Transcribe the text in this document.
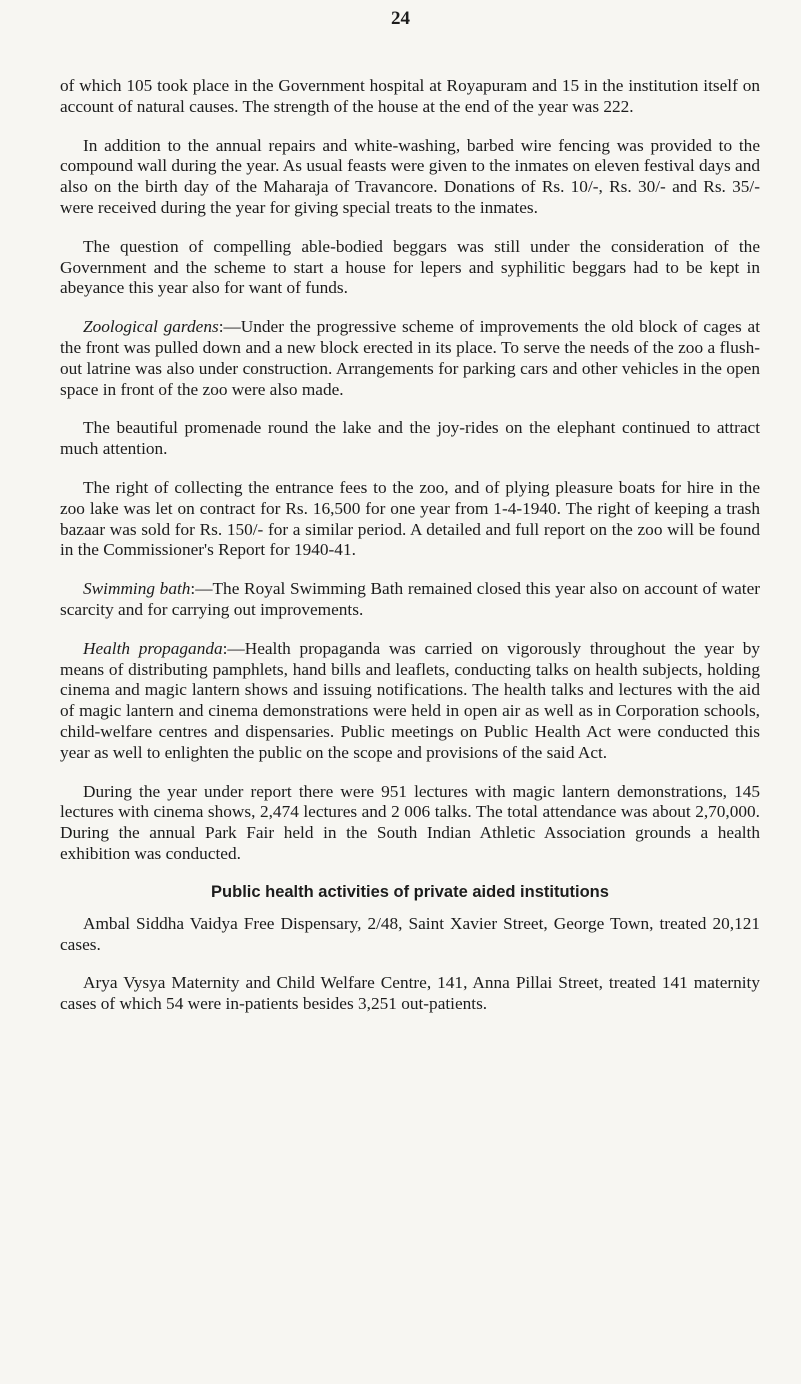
24

of which 105 took place in the Government hospital at Royapuram and 15 in the institution itself on account of natural causes. The strength of the house at the end of the year was 222.

In addition to the annual repairs and white-washing, barbed wire fencing was provided to the compound wall during the year. As usual feasts were given to the inmates on eleven festival days and also on the birth day of the Maharaja of Travancore. Donations of Rs. 10/-, Rs. 30/- and Rs. 35/- were received during the year for giving special treats to the inmates.

The question of compelling able-bodied beggars was still under the consideration of the Government and the scheme to start a house for lepers and syphilitic beggars had to be kept in abeyance this year also for want of funds.

Zoological gardens:—Under the progressive scheme of improvements the old block of cages at the front was pulled down and a new block erected in its place. To serve the needs of the zoo a flush-out latrine was also under construction. Arrangements for parking cars and other vehicles in the open space in front of the zoo were also made.

The beautiful promenade round the lake and the joy-rides on the elephant continued to attract much attention.

The right of collecting the entrance fees to the zoo, and of plying pleasure boats for hire in the zoo lake was let on contract for Rs. 16,500 for one year from 1-4-1940. The right of keeping a trash bazaar was sold for Rs. 150/- for a similar period. A detailed and full report on the zoo will be found in the Commissioner's Report for 1940-41.

Swimming bath:—The Royal Swimming Bath remained closed this year also on account of water scarcity and for carrying out improvements.

Health propaganda:—Health propaganda was carried on vigorously throughout the year by means of distributing pamphlets, hand bills and leaflets, conducting talks on health subjects, holding cinema and magic lantern shows and issuing notifications. The health talks and lectures with the aid of magic lantern and cinema demonstrations were held in open air as well as in Corporation schools, child-welfare centres and dispensaries. Public meetings on Public Health Act were conducted this year as well to enlighten the public on the scope and provisions of the said Act.

During the year under report there were 951 lectures with magic lantern demonstrations, 145 lectures with cinema shows, 2,474 lectures and 2 006 talks. The total attendance was about 2,70,000. During the annual Park Fair held in the South Indian Athletic Association grounds a health exhibition was conducted.

Public health activities of private aided institutions

Ambal Siddha Vaidya Free Dispensary, 2/48, Saint Xavier Street, George Town, treated 20,121 cases.

Arya Vysya Maternity and Child Welfare Centre, 141, Anna Pillai Street, treated 141 maternity cases of which 54 were in-patients besides 3,251 out-patients.
